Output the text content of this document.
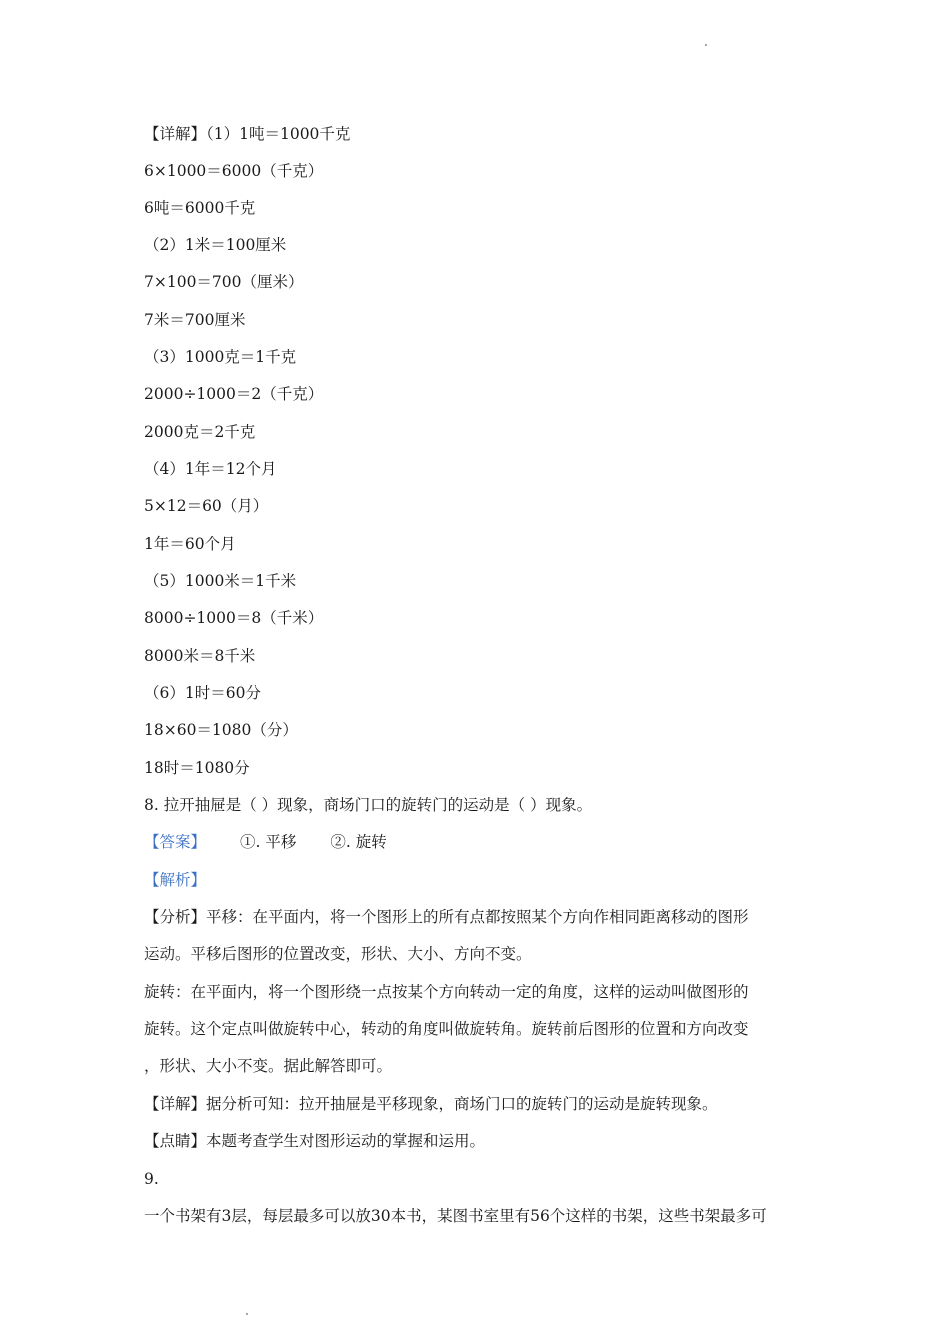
【详解】（1）1吨＝1000千克
6×1000＝6000（千克）
6吨＝6000千克
（2）1米＝100厘米
7×100＝700（厘米）
7米＝700厘米
（3）1000克＝1千克
2000÷1000＝2（千克）
2000克＝2千克
（4）1年＝12个月
5×12＝60（月）
1年＝60个月
（5）1000米＝1千米
8000÷1000＝8（千米）
8000米＝8千米
（6）1时＝60分
18×60＝1080（分）
18时＝1080分
8. 拉开抽屉是（ ）现象，商场门口的旋转门的运动是（ ）现象。
【答案】 ①. 平移 ②. 旋转
【解析】
【分析】平移：在平面内，将一个图形上的所有点都按照某个方向作相同距离移动的图形
运动。平移后图形的位置改变，形状、大小、方向不变。
旋转：在平面内，将一个图形绕一点按某个方向转动一定的角度，这样的运动叫做图形的
旋转。这个定点叫做旋转中心，转动的角度叫做旋转角。旋转前后图形的位置和方向改变
，形状、大小不变。据此解答即可。
【详解】据分析可知：拉开抽屉是平移现象，商场门口的旋转门的运动是旋转现象。
【点睛】本题考查学生对图形运动的掌握和运用。
9.
一个书架有3层，每层最多可以放30本书，某图书室里有56个这样的书架，这些书架最多可
